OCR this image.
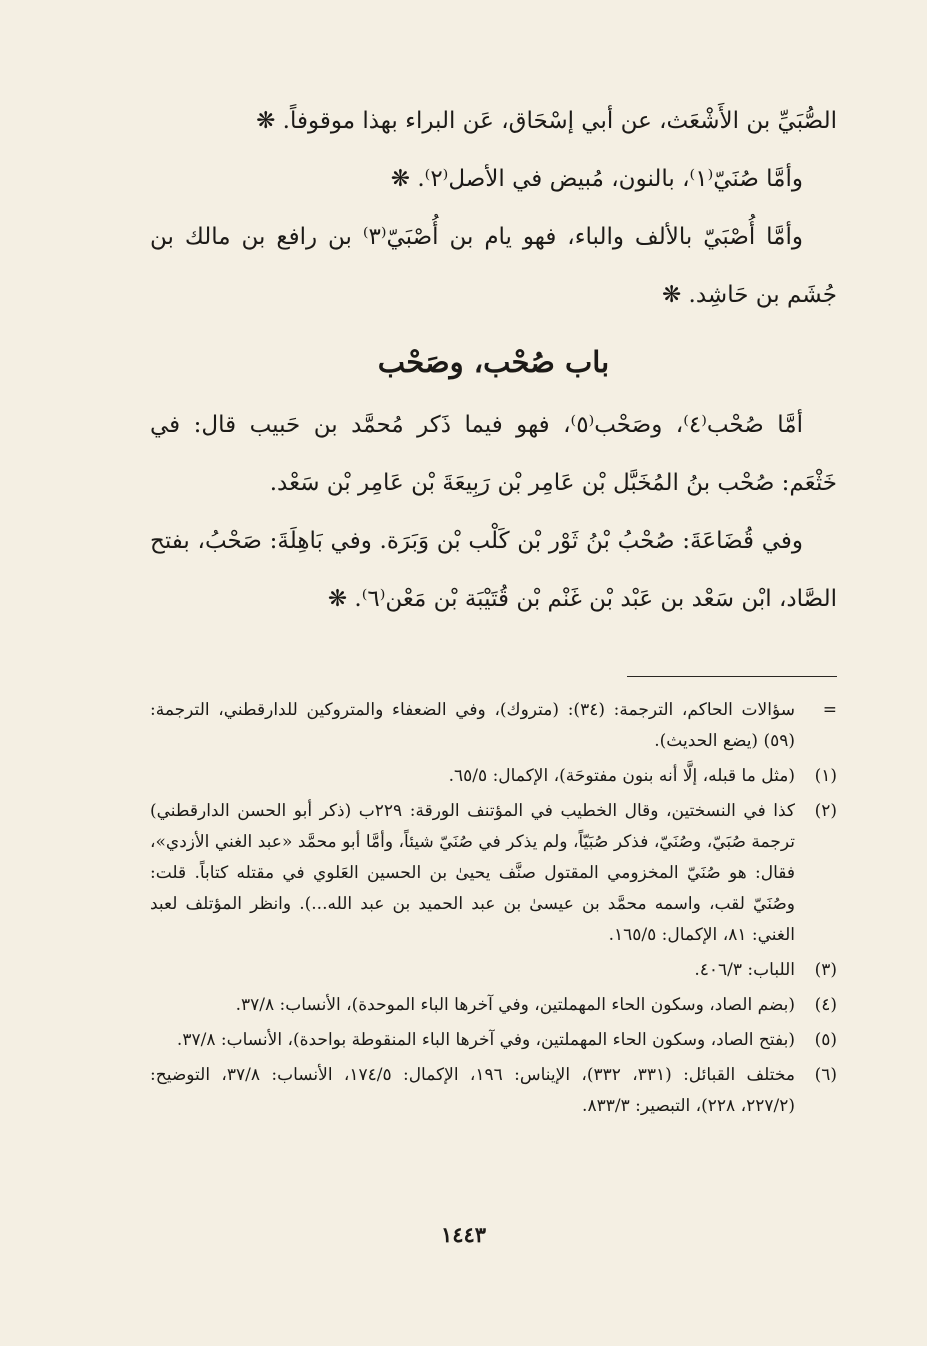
الصُّبَيِّ بن الأَشْعَث، عن أبي إسْحَاق، عَن البراء بهذا موقوفاً. ❋

وأمَّا صُنَيّ⁽١⁾، بالنون، مُبيض في الأصل⁽٢⁾. ❋

وأمَّا أُصْبَيّ بالألف والباء، فهو يام بن أُصْبَيّ⁽٣⁾ بن رافع بن مالك بن جُشَم بن حَاشِد. ❋

باب صُحْب، وصَحْب

أمَّا صُحْب⁽٤⁾، وصَحْب⁽٥⁾، فهو فيما ذَكر مُحمَّد بن حَبيب قال: في خَثْعَم: صُحْب بنُ المُخَبَّل بْن عَامِر بْن رَبِيعَةَ بْن عَامِر بْن سَعْد.

وفي قُضَاعَةَ: صُحْبُ بْنُ ثَوْر بْن كَلْب بْن وَبَرَة. وفي بَاهِلَةَ: صَحْبُ، بفتح الصَّاد، ابْن سَعْد بن عَبْد بْن غَنْم بْن قُتَيْبَة بْن مَعْن⁽٦⁾. ❋

=
سؤالات الحاكم، الترجمة: (٣٤): (متروك)، وفي الضعفاء والمتروكين للدارقطني، الترجمة: (٥٩) (يضع الحديث).
(١)
(مثل ما قبله، إلَّا أنه بنون مفتوحَة)، الإكمال: ٦٥/٥.
(٢)
كذا في النسختين، وقال الخطيب في المؤتنف الورقة: ٢٢٩ب (ذكر أبو الحسن الدارقطني) ترجمة صُبَيّ، وصُنَيّ، فذكر صُبَيّاً، ولم يذكر في صُنَيّ شيئاً، وأمَّا أبو محمَّد «عبد الغني الأزدي»، فقال: هو صُنَيّ المخزومي المقتول صنَّف يحيىٰ بن الحسين العَلوي في مقتله كتاباً. قلت: وصُنَيّ لقب، واسمه محمَّد بن عيسىٰ بن عبد الحميد بن عبد الله...). وانظر المؤتلف لعبد الغني: ٨١، الإكمال: ١٦٥/٥.
(٣)
اللباب: ٤٠٦/٣.
(٤)
(بضم الصاد، وسكون الحاء المهملتين، وفي آخرها الباء الموحدة)، الأنساب: ٣٧/٨.
(٥)
(بفتح الصاد، وسكون الحاء المهملتين، وفي آخرها الباء المنقوطة بواحدة)، الأنساب: ٣٧/٨.
(٦)
مختلف القبائل: (٣٣١، ٣٣٢)، الإيناس: ١٩٦، الإكمال: ١٧٤/٥، الأنساب: ٣٧/٨، التوضيح: (٢٢٧/٢، ٢٢٨)، التبصير: ٨٣٣/٣.
١٤٤٣
